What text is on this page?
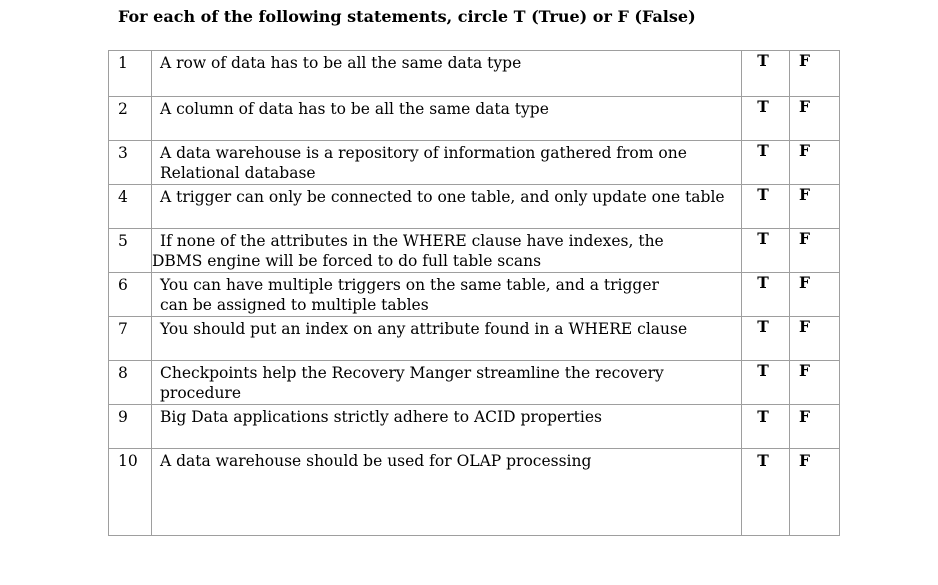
For each of the following statements, circle T (True) or F (False)
1	A row of data has to be all the same data type	T	F
2	A column of data has to be all the same data type	T	F
3	A data warehouse is a repository of information gathered from one
Relational database	T	F
4	A trigger can only be connected to one table, and only update one table	T	F
5	If none of the attributes in the WHERE clause have indexes, the
DBMS engine will be forced to do full table scans	T	F
6	You can have multiple triggers on the same table, and a trigger
can be assigned to multiple tables	T	F
7	You should put an index on any attribute found in a WHERE clause	T	F
8	Checkpoints help the Recovery Manger streamline the recovery
procedure	T	F
9	Big Data applications strictly adhere to ACID properties	T	F
10	A data warehouse should be used for OLAP processing	T	F
